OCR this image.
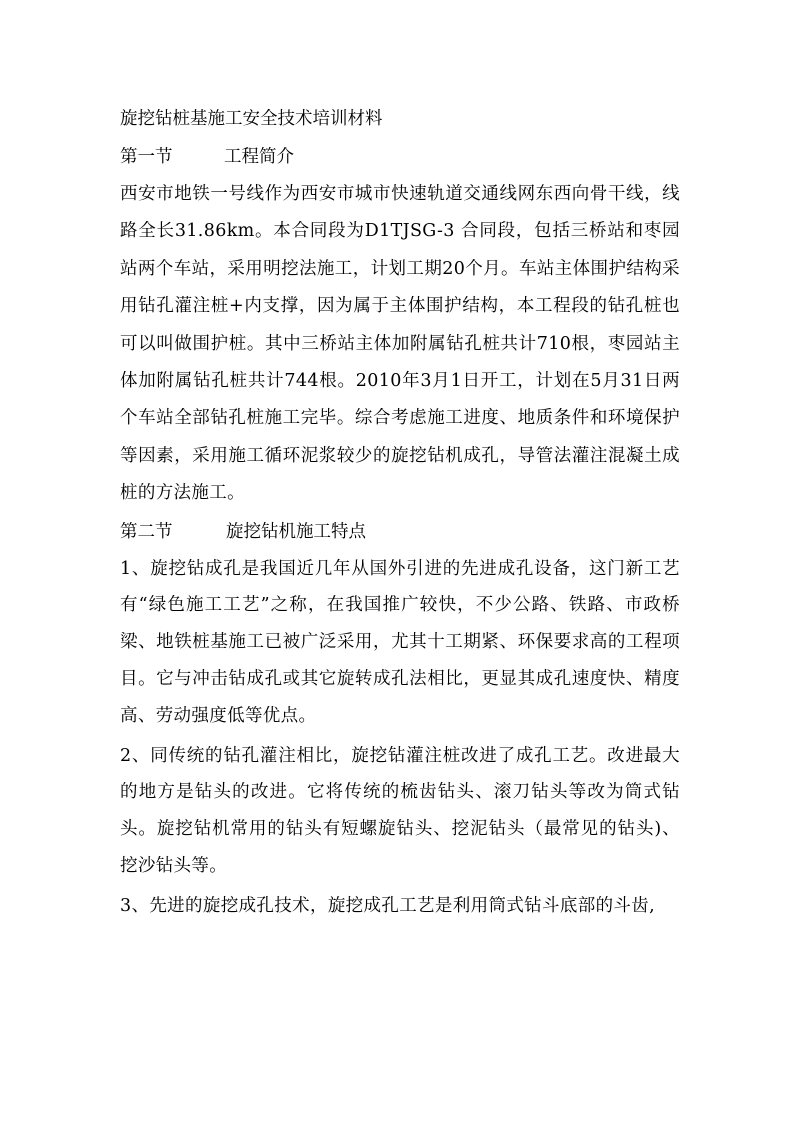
旋挖钻桩基施工安全技术培训材料

第一节	工程简介

西安市地铁一号线作为西安市城市快速轨道交通线网东西向骨干线，线路全长31.86km。本合同段为D1TJSG-3 合同段，包括三桥站和枣园站两个车站，采用明挖法施工，计划工期20个月。车站主体围护结构采用钻孔灌注桩+内支撑，因为属于主体围护结构，本工程段的钻孔桩也可以叫做围护桩。其中三桥站主体加附属钻孔桩共计710根，枣园站主体加附属钻孔桩共计744根。2010年3月1日开工，计划在5月31日两个车站全部钻孔桩施工完毕。综合考虑施工进度、地质条件和环境保护等因素，采用施工循环泥浆较少的旋挖钻机成孔，导管法灌注混凝土成桩的方法施工。

第二节	旋挖钻机施工特点

1、旋挖钻成孔是我国近几年从国外引进的先进成孔设备，这门新工艺有“绿色施工工艺”之称，在我国推广较快，不少公路、铁路、市政桥梁、地铁桩基施工已被广泛采用，尤其十工期紧、环保要求高的工程项目。它与冲击钻成孔或其它旋转成孔法相比，更显其成孔速度快、精度高、劳动强度低等优点。

2、同传统的钻孔灌注相比，旋挖钻灌注桩改进了成孔工艺。改进最大的地方是钻头的改进。它将传统的梳齿钻头、滚刀钻头等改为筒式钻头。旋挖钻机常用的钻头有短螺旋钻头、挖泥钻头（最常见的钻头)、挖沙钻头等。

3、先进的旋挖成孔技术，旋挖成孔工艺是利用筒式钻斗底部的斗齿,
